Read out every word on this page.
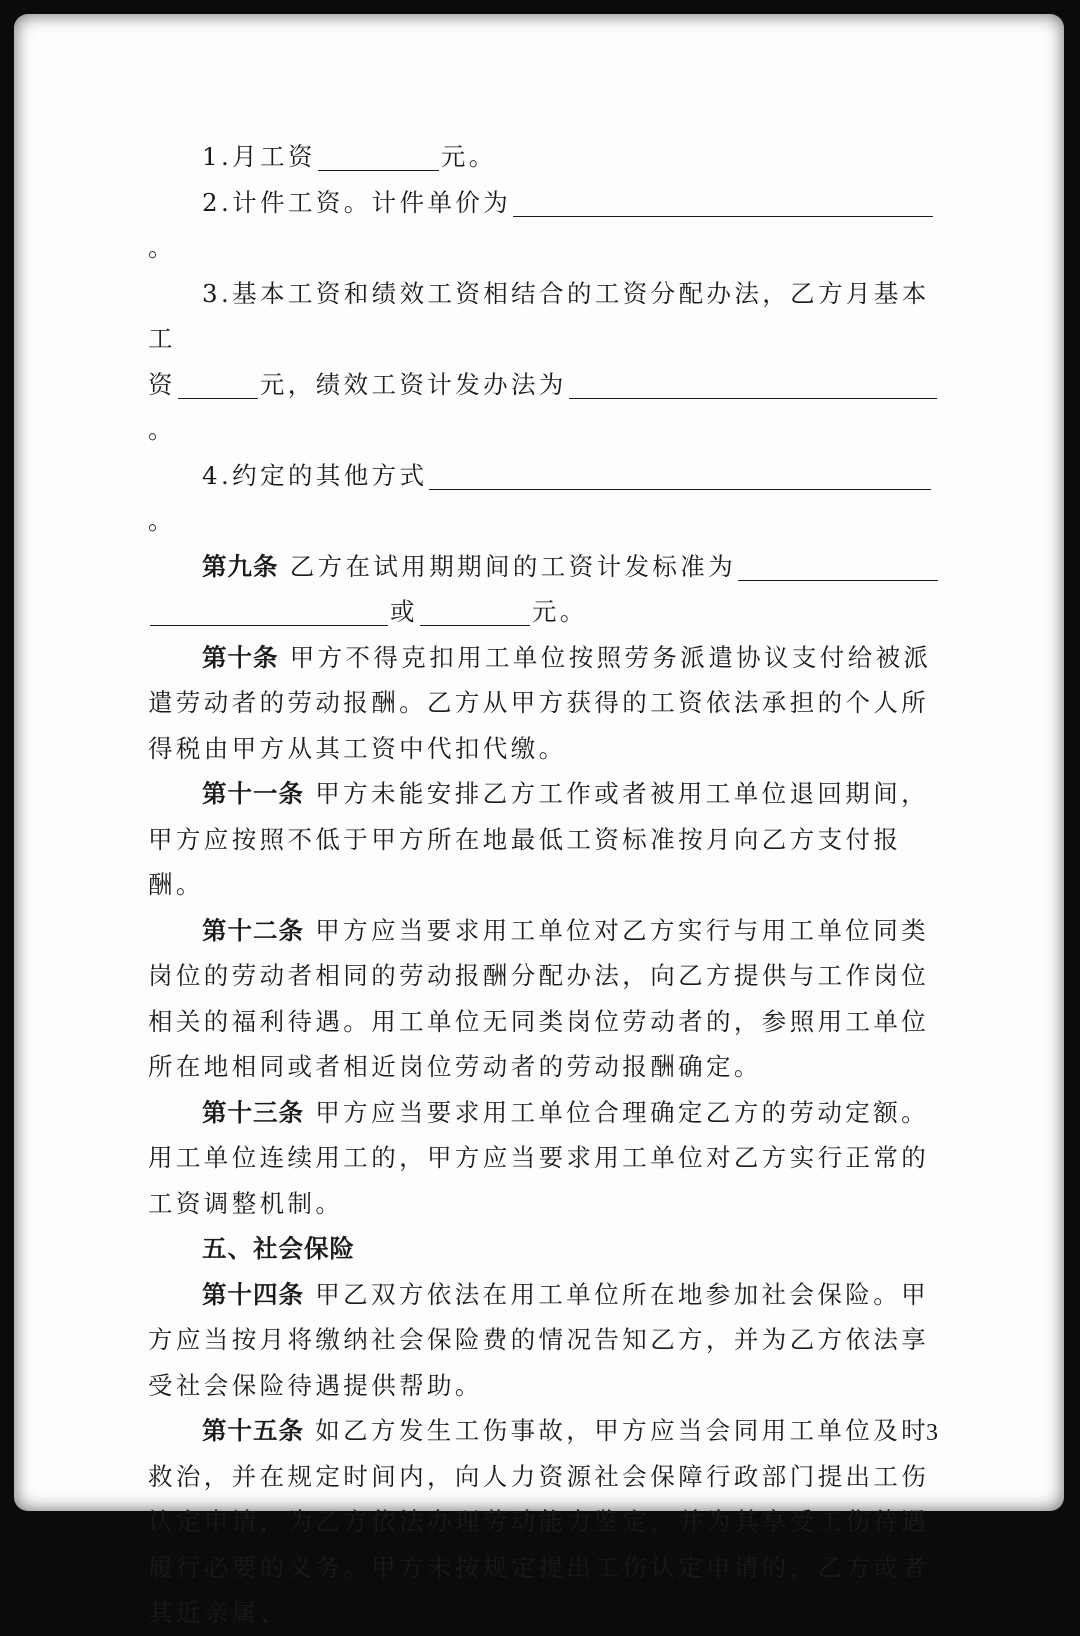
1.月工资	元。

2.计件工资。计件单价为。

3.基本工资和绩效工资相结合的工资分配办法，乙方月基本工

资	元，绩效工资计发办法为。

4.约定的其他方式。

第九条 乙方在试用期期间的工资计发标准为

或	元。

第十条 甲方不得克扣用工单位按照劳务派遣协议支付给被派遣劳动者的劳动报酬。乙方从甲方获得的工资依法承担的个人所得税由甲方从其工资中代扣代缴。

第十一条 甲方未能安排乙方工作或者被用工单位退回期间，甲方应按照不低于甲方所在地最低工资标准按月向乙方支付报酬。

第十二条 甲方应当要求用工单位对乙方实行与用工单位同类岗位的劳动者相同的劳动报酬分配办法，向乙方提供与工作岗位相关的福利待遇。用工单位无同类岗位劳动者的，参照用工单位所在地相同或者相近岗位劳动者的劳动报酬确定。

第十三条 甲方应当要求用工单位合理确定乙方的劳动定额。用工单位连续用工的，甲方应当要求用工单位对乙方实行正常的工资调整机制。

五、社会保险

第十四条 甲乙双方依法在用工单位所在地参加社会保险。甲方应当按月将缴纳社会保险费的情况告知乙方，并为乙方依法享受社会保险待遇提供帮助。

第十五条 如乙方发生工伤事故，甲方应当会同用工单位及时救治，并在规定时间内，向人力资源社会保障行政部门提出工伤认定申请，为乙方依法办理劳动能力鉴定，并为其享受工伤待遇履行必要的义务。甲方未按规定提出工伤认定申请的，乙方或者其近亲属、

3
